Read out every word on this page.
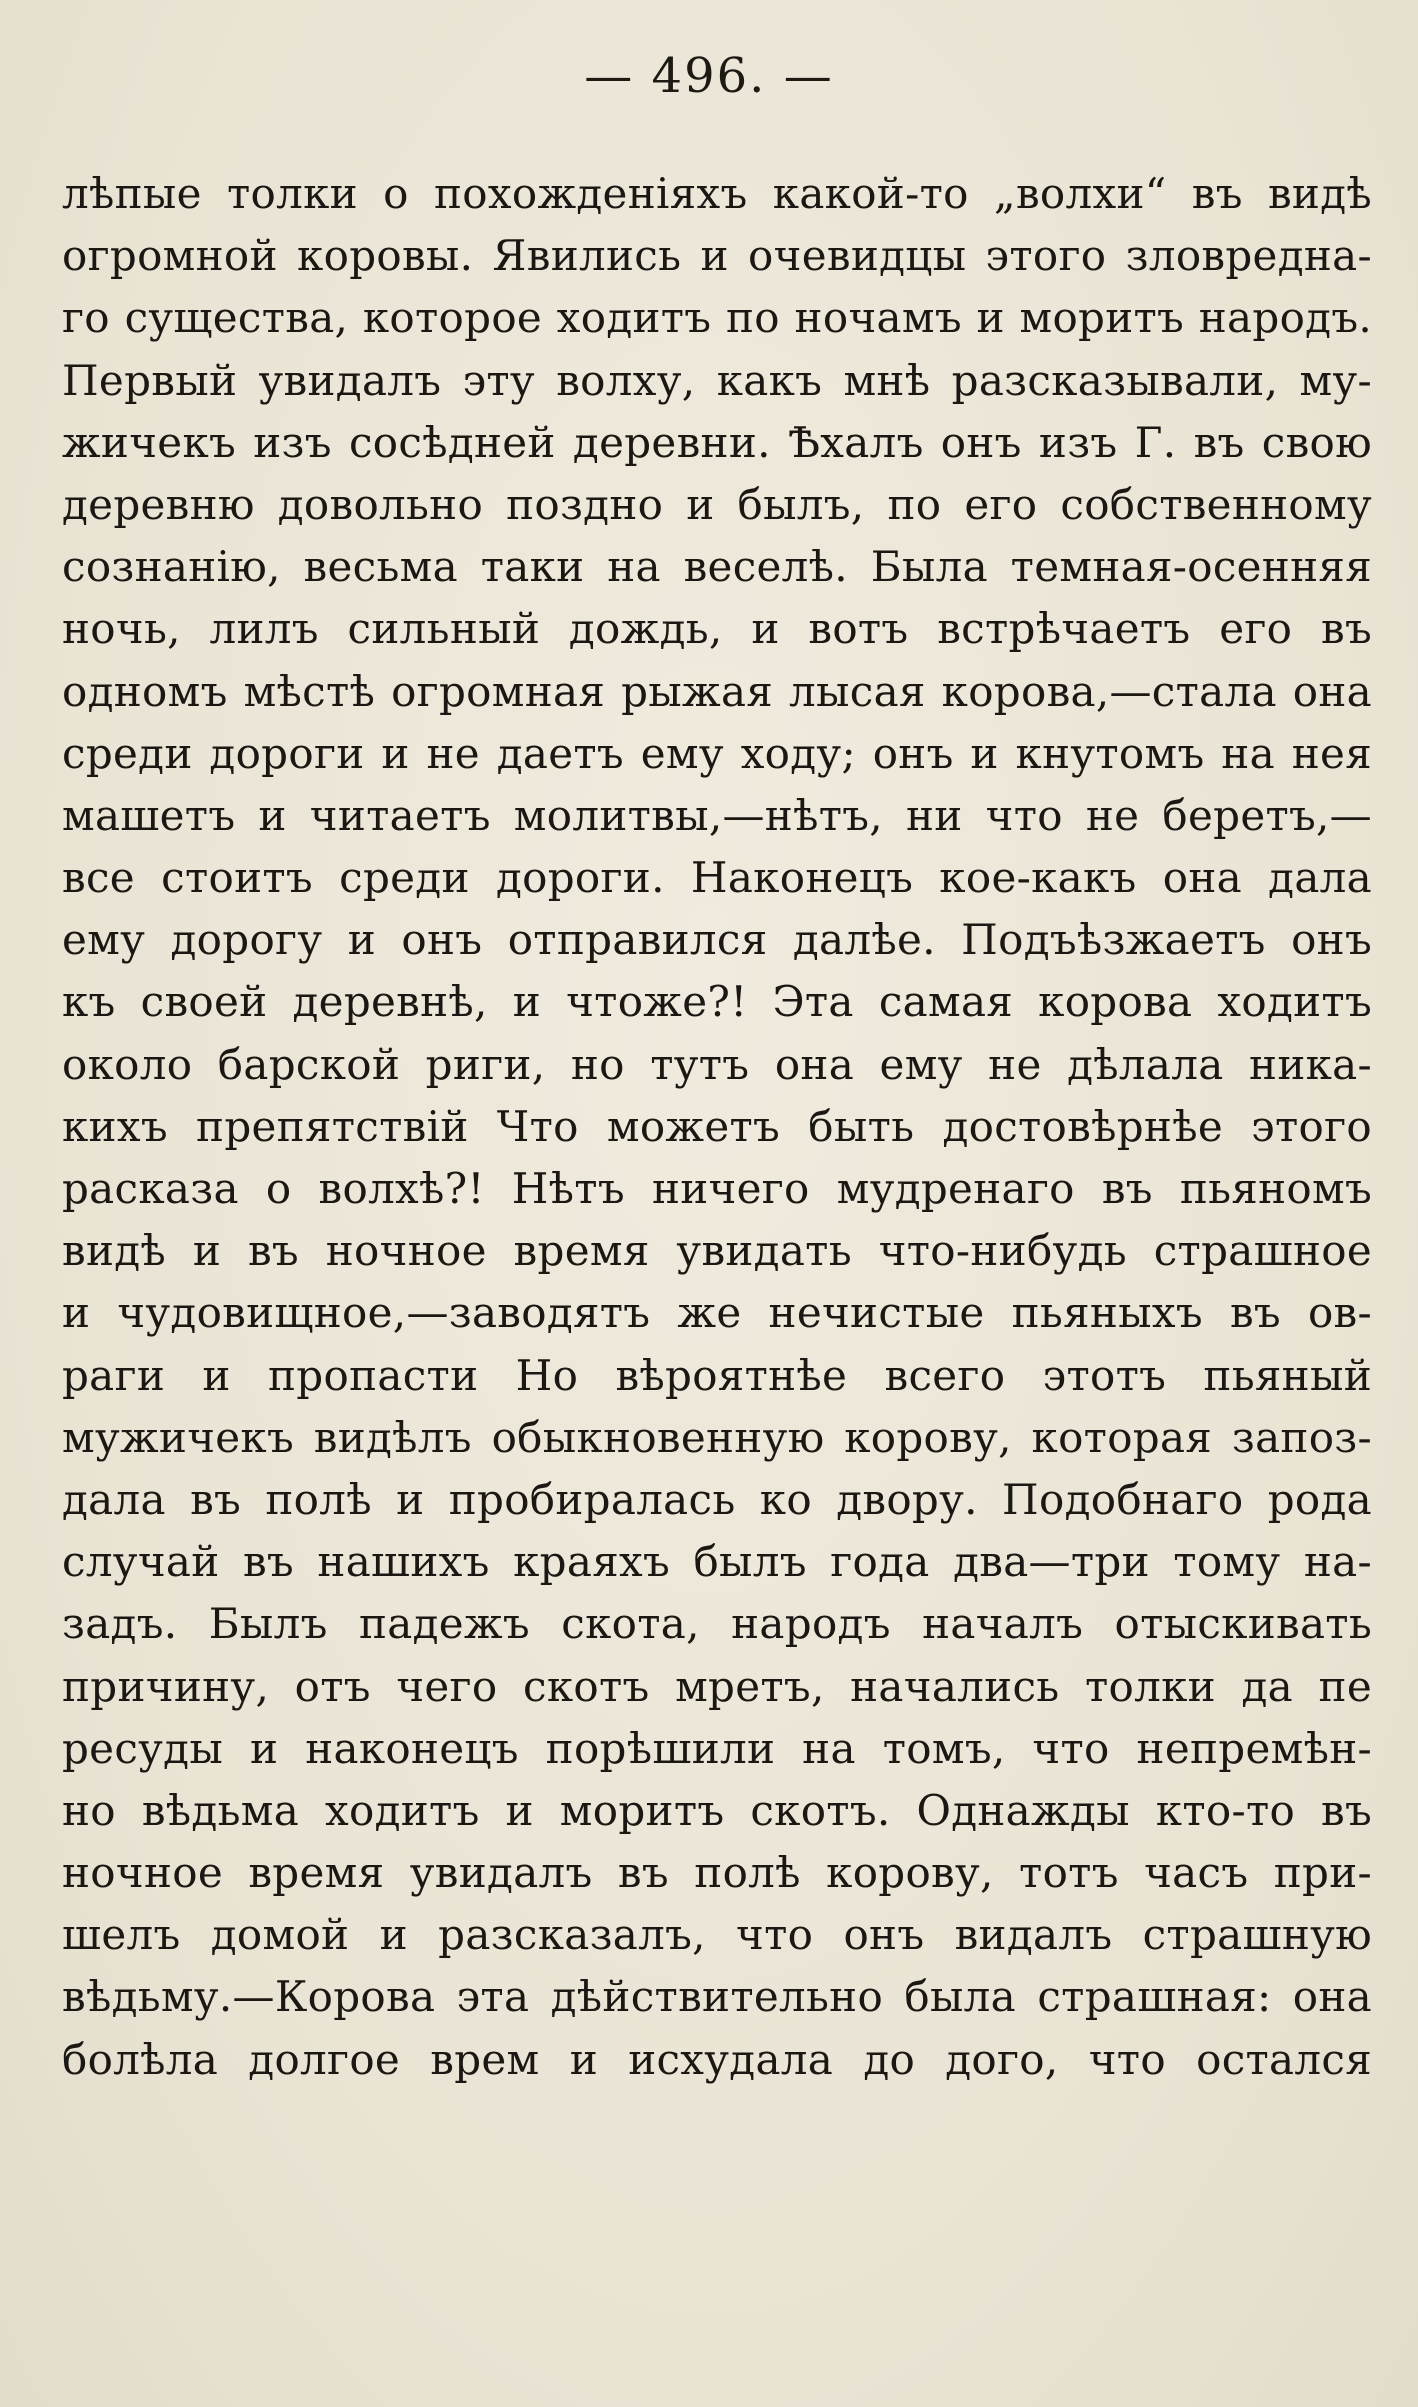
— 496. —
лѣпые толки о похожденіяхъ какой-то „волхи“ въ видѣ
огромной коровы. Явились и очевидцы этого зловредна-
го существа, которое ходитъ по ночамъ и моритъ народъ.
Первый увидалъ эту волху, какъ мнѣ разсказывали, му-
жичекъ изъ сосѣдней деревни. Ѣхалъ онъ изъ Г. въ свою
деревню довольно поздно и былъ, по его собственному
сознанію, весьма таки на веселѣ. Была темная-осенняя
ночь, лилъ сильный дождь, и вотъ встрѣчаетъ его въ
одномъ мѣстѣ огромная рыжая лысая корова,—стала она
среди дороги и не даетъ ему ходу; онъ и кнутомъ на нея
машетъ и читаетъ молитвы,—нѣтъ, ни что не беретъ,—
все стоитъ среди дороги. Наконецъ кое-какъ она дала
ему дорогу и онъ отправился далѣе. Подъѣзжаетъ онъ
къ своей деревнѣ, и чтожe?! Эта самая корова ходитъ
около барской риги, но тутъ она ему не дѣлала ника-
кихъ препятствій Что можетъ быть достовѣрнѣе этого
расказа о волхѣ?! Нѣтъ ничего мудренаго въ пьяномъ
видѣ и въ ночное время увидать что-нибудь страшное
и чудовищное,—заводятъ же нечистые пьяныхъ въ ов-
раги и пропасти Но вѣроятнѣе всего этотъ пьяный
мужичекъ видѣлъ обыкновенную корову, которая запоз-
дала въ полѣ и пробиралась ко двору. Подобнаго рода
случай въ нашихъ краяхъ былъ года два—три тому на-
задъ. Былъ падежъ скота, народъ началъ отыскивать
причину, отъ чего скотъ мретъ, начались толки да пе
ресуды и наконецъ порѣшили на томъ, что непремѣн-
но вѣдьма ходитъ и моритъ скотъ. Однажды кто-то въ
ночное время увидалъ въ полѣ корову, тотъ часъ при-
шелъ домой и разсказалъ, что онъ видалъ страшную
вѣдьму.—Корова эта дѣйствительно была страшная: она
болѣла долгое врем и исхудала до дого, что остался
